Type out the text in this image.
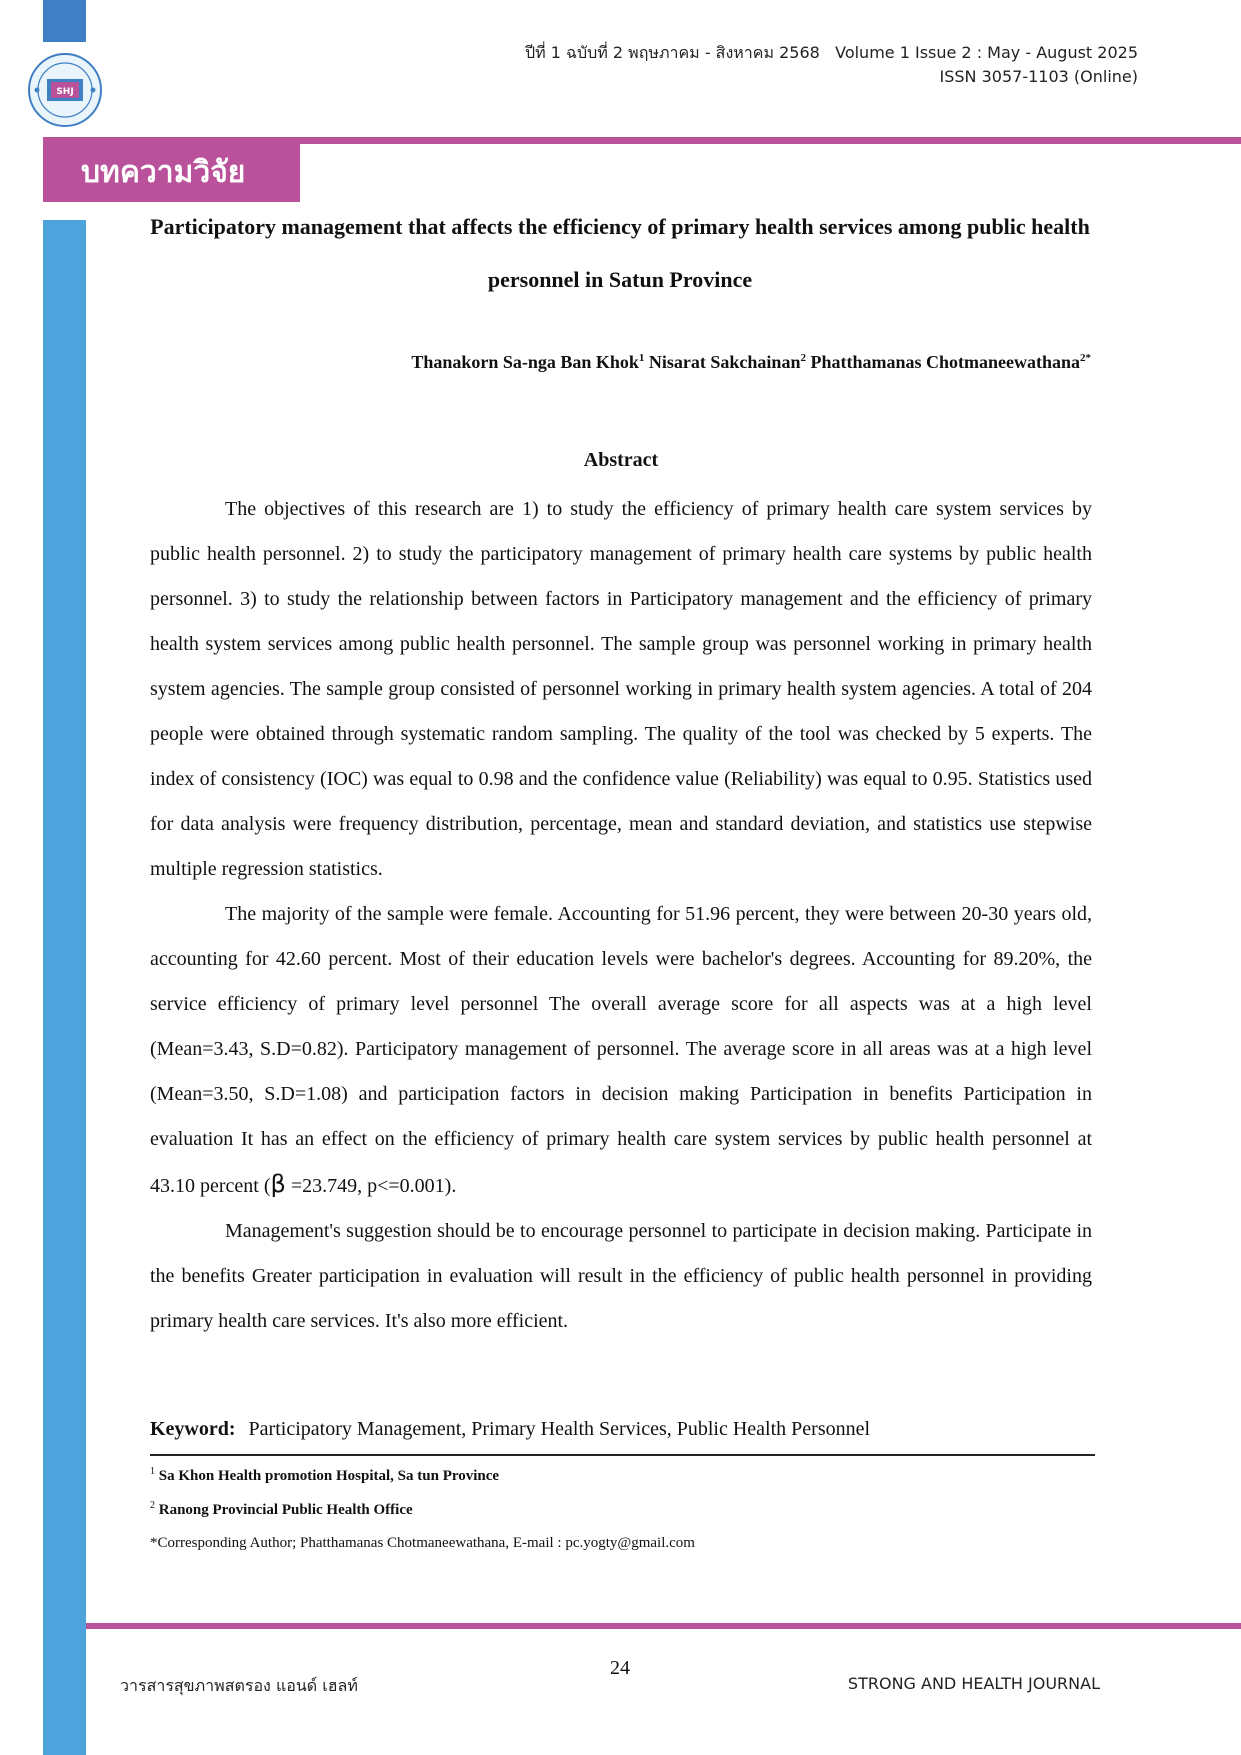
SHJ
ปีที่ 1 ฉบับที่ 2 พฤษภาคม - สิงหาคม 2568 Volume 1 Issue 2 : May - August 2025
ISSN 3057-1103 (Online)
บทความวิจัย
Participatory management that affects the efficiency of primary health services among public health personnel in Satun Province
Thanakorn Sa-nga Ban Khok$^1$ Nisarat Sakchainan$^2$ Phatthamanas Chotmaneewathana$^{2*}$
Abstract

The objectives of this research are 1) to study the efficiency of primary health care system services by public health personnel. 2) to study the participatory management of primary health care systems by public health personnel. 3) to study the relationship between factors in Participatory management and the efficiency of primary health system services among public health personnel. The sample group was personnel working in primary health system agencies. The sample group consisted of personnel working in primary health system agencies. A total of 204 people were obtained through systematic random sampling. The quality of the tool was checked by 5 experts. The index of consistency (IOC) was equal to 0.98 and the confidence value (Reliability) was equal to 0.95. Statistics used for data analysis were frequency distribution, percentage, mean and standard deviation, and statistics use stepwise multiple regression statistics.

The majority of the sample were female. Accounting for 51.96 percent, they were between 20-30 years old, accounting for 42.60 percent. Most of their education levels were bachelor's degrees. Accounting for 89.20%, the service efficiency of primary level personnel The overall average score for all aspects was at a high level (Mean=3.43, S.D=0.82). Participatory management of personnel. The average score in all areas was at a high level (Mean=3.50, S.D=1.08) and participation factors in decision making Participation in benefits Participation in evaluation It has an effect on the efficiency of primary health care system services by public health personnel at 43.10 percent (β =23.749, p<=0.001).

Management's suggestion should be to encourage personnel to participate in decision making. Participate in the benefits Greater participation in evaluation will result in the efficiency of public health personnel in providing primary health care services. It's also more efficient.

Keyword: Participatory Management, Primary Health Services, Public Health Personnel
$^1$ Sa Khon Health promotion Hospital, Sa tun Province
$^2$ Ranong Provincial Public Health Office
*Corresponding Author; Phatthamanas Chotmaneewathana, E-mail : pc.yogty@gmail.com
24
วารสารสุขภาพสตรอง แอนด์ เฮลท์	STRONG AND HEALTH JOURNAL
